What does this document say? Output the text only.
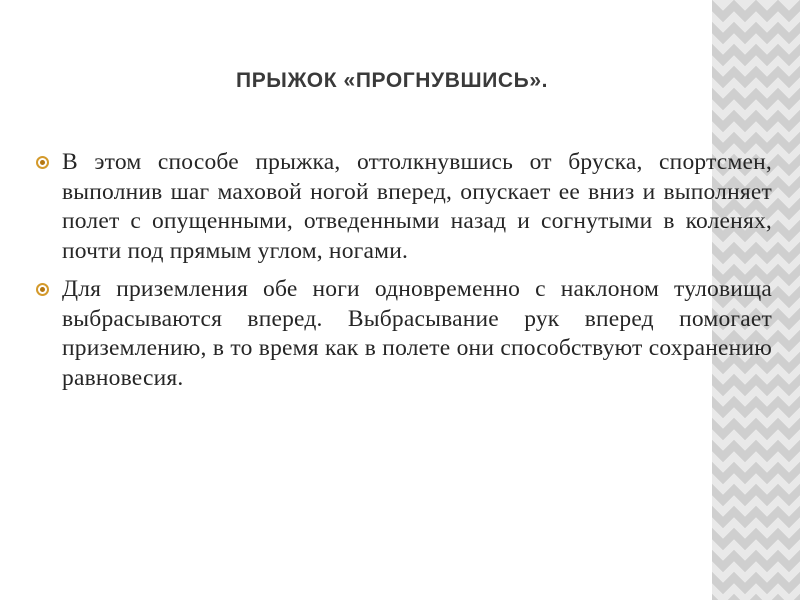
ПРЫЖОК «ПРОГНУВШИСЬ».
В этом способе прыжка, оттолкнувшись от бруска, спортсмен, выполнив шаг маховой ногой вперед, опускает ее вниз и выполняет полет с опущенными, отведенными назад и согнутыми в коленях, почти под прямым углом, ногами.
Для приземления обе ноги одновременно с наклоном туловища выбрасываются вперед. Выбрасывание рук вперед помогает приземлению, в то время как в полете они способствуют сохранению равновесия.
